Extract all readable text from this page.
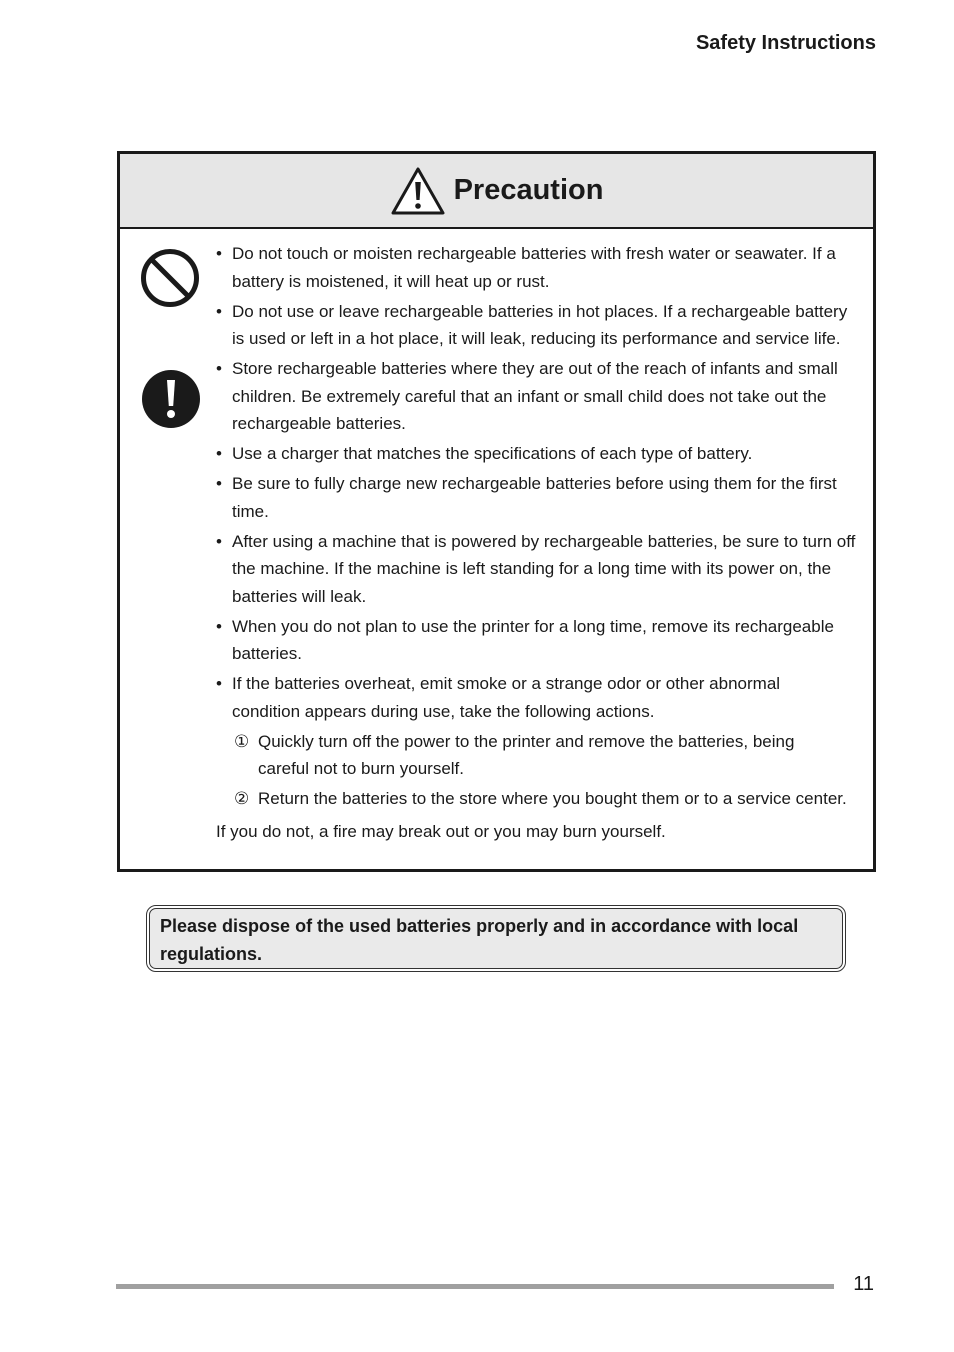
Safety Instructions
Precaution
• Do not touch or moisten rechargeable batteries with fresh water or seawater. If a
battery is moistened, it will heat up or rust.
• Do not use or leave rechargeable batteries in hot places. If a rechargeable battery
is used or left in a hot place, it will leak, reducing its performance and service life.
• Store rechargeable batteries where they are out of the reach of infants and small
children. Be extremely careful that an infant or small child does not take out the
rechargeable batteries.
• Use a charger that matches the specifications of each type of battery.
• Be sure to fully charge new rechargeable batteries before using them for the first
time.
• After using a machine that is powered by rechargeable batteries, be sure to turn off
the machine. If the machine is left standing for a long time with its power on, the
batteries will leak.
• When you do not plan to use the printer for a long time, remove its rechargeable
batteries.
• If the batteries overheat, emit smoke or a strange odor or other abnormal
condition appears during use, take the following actions.
① Quickly turn off the power to the printer and remove the batteries, being
careful not to burn yourself.
② Return the batteries to the store where you bought them or to a service center.
If you do not, a fire may break out or you may burn yourself.
Please dispose of the used batteries properly and in accordance with local
regulations.
11
